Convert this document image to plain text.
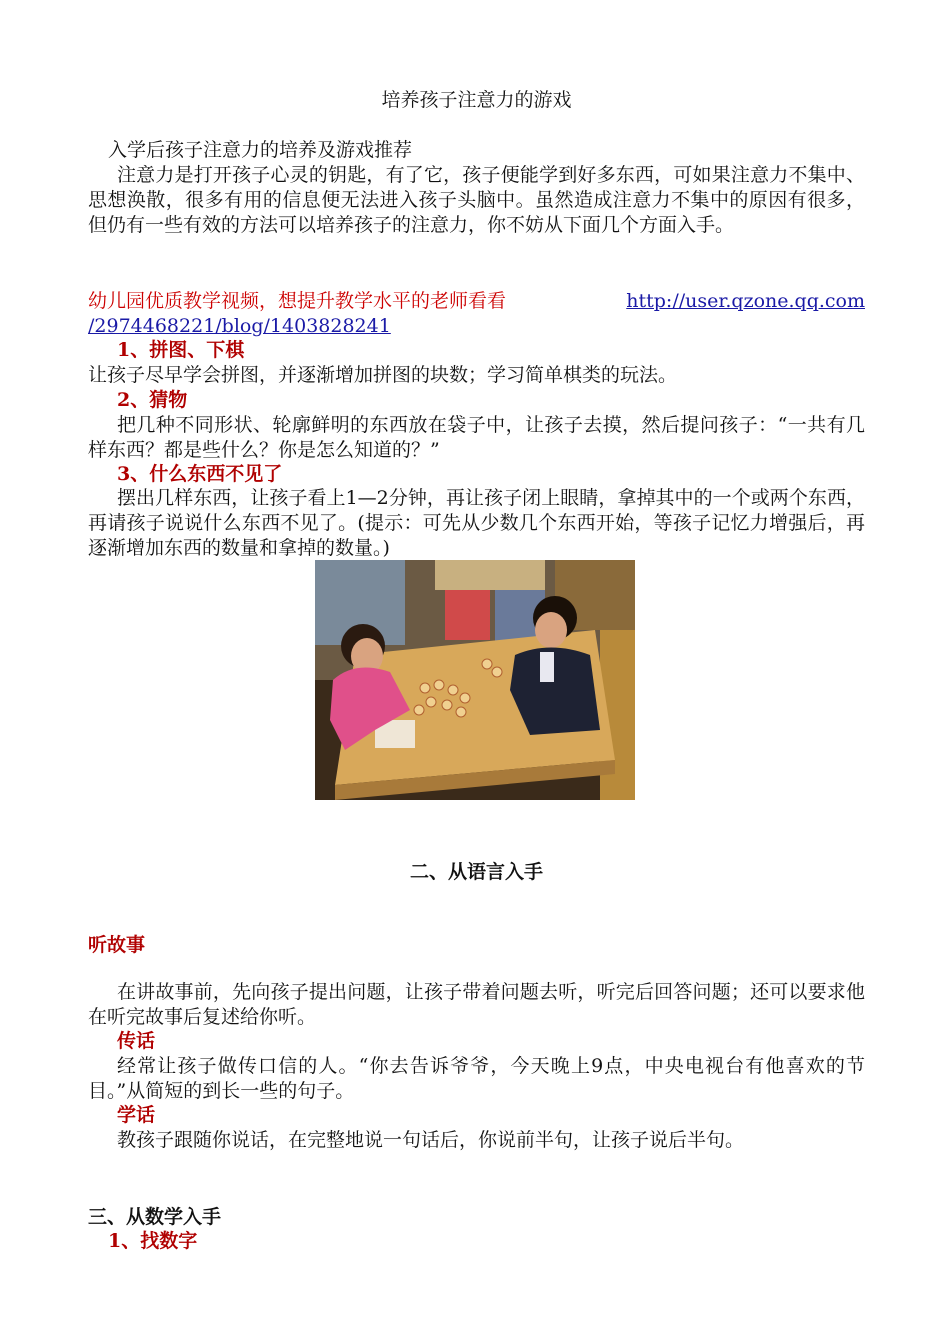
培养孩子注意力的游戏

入学后孩子注意力的培养及游戏推荐

注意力是打开孩子心灵的钥匙，有了它，孩子便能学到好多东西，可如果注意力不集中、思想涣散，很多有用的信息便无法进入孩子头脑中。虽然造成注意力不集中的原因有很多，但仍有一些有效的方法可以培养孩子的注意力，你不妨从下面几个方面入手。

幼儿园优质教学视频，想提升教学水平的老师看看	http://user.qzone.qq.com

/2974468221/blog/1403828241
1、拼图、下棋

让孩子尽早学会拼图，并逐渐增加拼图的块数；学习简单棋类的玩法。

2、猜物

把几种不同形状、轮廓鲜明的东西放在袋子中，让孩子去摸，然后提问孩子：“一共有几样东西？都是些什么？你是怎么知道的？”

3、什么东西不见了

摆出几样东西，让孩子看上1—2分钟，再让孩子闭上眼睛，拿掉其中的一个或两个东西，再请孩子说说什么东西不见了。(提示：可先从少数几个东西开始，等孩子记忆力增强后，再逐渐增加东西的数量和拿掉的数量。)

二、从语言入手
听故事

在讲故事前，先向孩子提出问题，让孩子带着问题去听，听完后回答问题；还可以要求他在听完故事后复述给你听。

传话

经常让孩子做传口信的人。“你去告诉爷爷，今天晚上9点，中央电视台有他喜欢的节目。”从简短的到长一些的句子。

学话

教孩子跟随你说话，在完整地说一句话后，你说前半句，让孩子说后半句。

三、从数学入手
1、找数字
